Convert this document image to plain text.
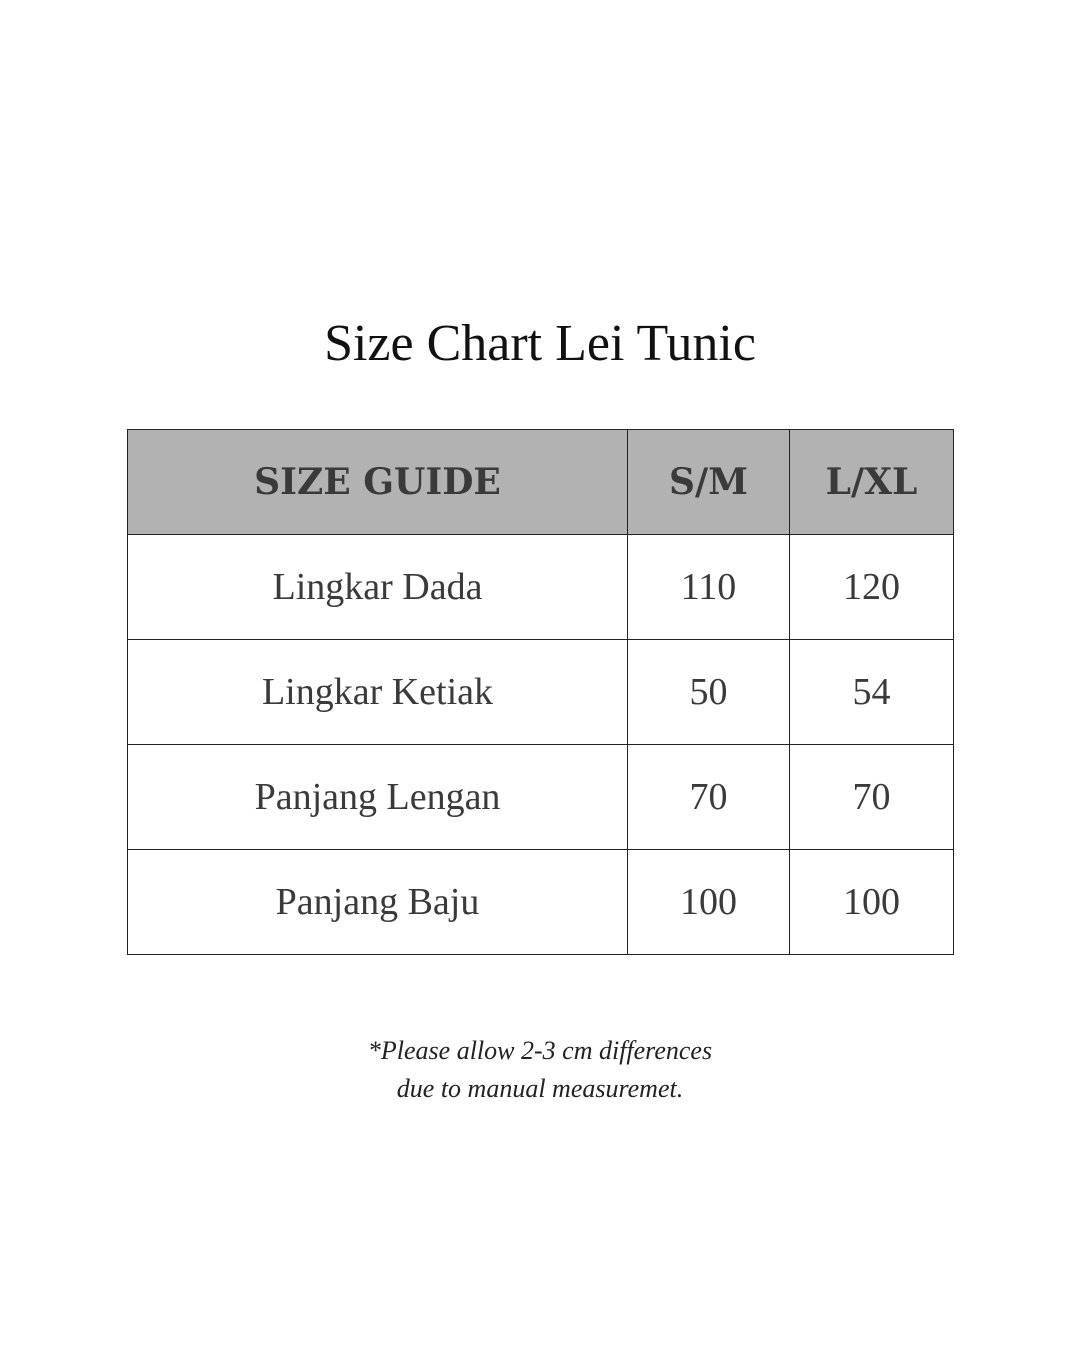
Size Chart Lei Tunic
SIZE GUIDE	S/M	L/XL
Lingkar Dada	110	120
Lingkar Ketiak	50	54
Panjang Lengan	70	70
Panjang Baju	100	100
*Please allow 2-3 cm differences
due to manual measuremet.
